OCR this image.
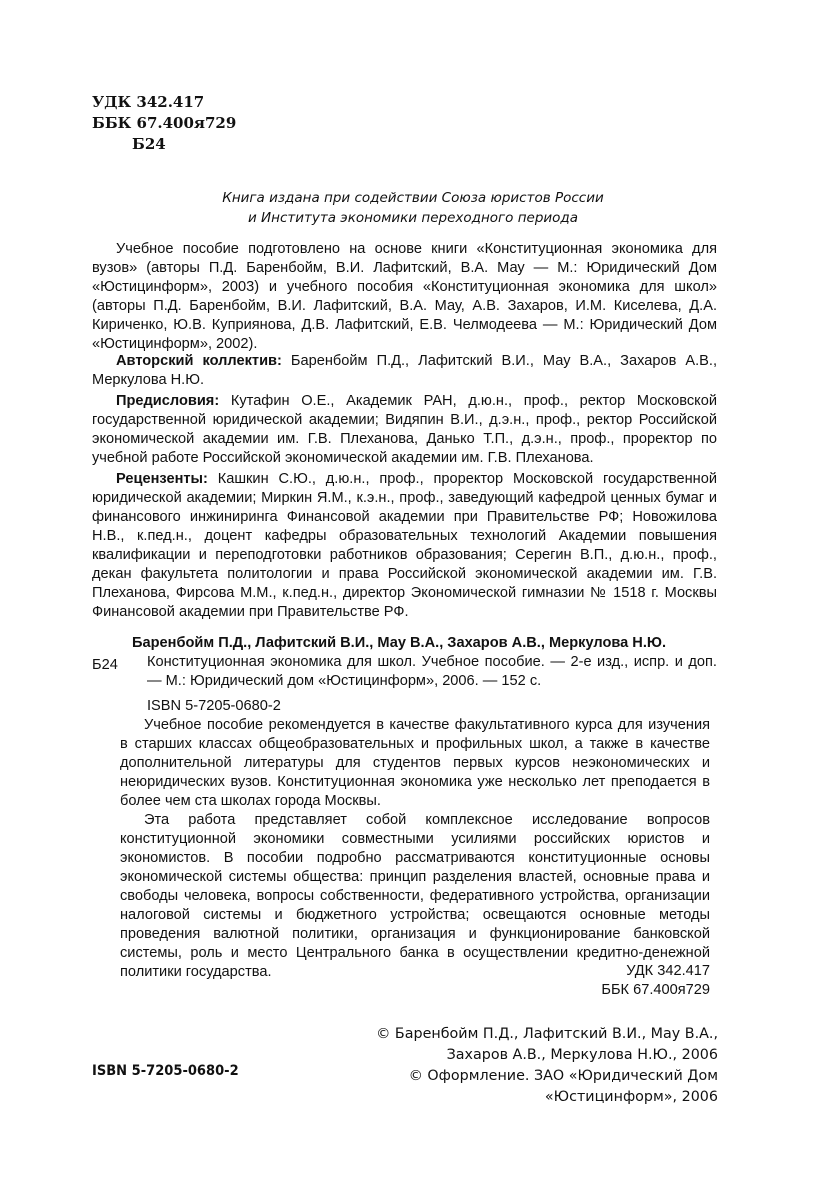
УДК 342.417
ББК 67.400я729
Б24
Книга издана при содействии Союза юристов России
и Института экономики переходного периода

Учебное пособие подготовлено на основе книги «Конституционная экономика для вузов» (авторы П.Д. Баренбойм, В.И. Лафитский, В.А. Мау — М.: Юридический Дом «Юстицинформ», 2003) и учебного пособия «Конституционная экономика для школ» (авторы П.Д. Баренбойм, В.И. Лафитский, В.А. Мау, А.В. Захаров, И.М. Киселева, Д.А. Кириченко, Ю.В. Куприянова, Д.В. Лафитский, Е.В. Челмодеева — М.: Юридический Дом «Юстицинформ», 2002).

Авторский коллектив: Баренбойм П.Д., Лафитский В.И., Мау В.А., Захаров А.В., Меркулова Н.Ю.

Предисловия: Кутафин О.Е., Академик РАН, д.ю.н., проф., ректор Московской государственной юридической академии; Видяпин В.И., д.э.н., проф., ректор Российской экономической академии им. Г.В. Плеханова, Данько Т.П., д.э.н., проф., проректор по учебной работе Российской экономической академии им. Г.В. Плеханова.

Рецензенты: Кашкин С.Ю., д.ю.н., проф., проректор Московской государственной юридической академии; Миркин Я.М., к.э.н., проф., заведующий кафедрой ценных бумаг и финансового инжиниринга Финансовой академии при Правительстве РФ; Новожилова Н.В., к.пед.н., доцент кафедры образовательных технологий Академии повышения квалификации и переподготовки работников образования; Серегин В.П., д.ю.н., проф., декан факультета политологии и права Российской экономической академии им. Г.В. Плеханова, Фирсова М.М., к.пед.н., директор Экономической гимназии № 1518 г. Москвы Финансовой академии при Правительстве РФ.

Баренбойм П.Д., Лафитский В.И., Мау В.А., Захаров А.В., Меркулова Н.Ю.
Б24	Конституционная экономика для школ. Учебное пособие. — 2-е изд., испр. и доп. — М.: Юридический дом «Юстицинформ», 2006. — 152 с.
ISBN 5-7205-0680-2

Учебное пособие рекомендуется в качестве факультативного курса для изучения в старших классах общеобразовательных и профильных школ, а также в качестве дополнительной литературы для студентов первых курсов неэкономических и неюридических вузов. Конституционная экономика уже несколько лет преподается в более чем ста школах города Москвы.

Эта работа представляет собой комплексное исследование вопросов конституционной экономики совместными усилиями российских юристов и экономистов. В пособии подробно рассматриваются конституционные основы экономической системы общества: принцип разделения властей, основные права и свободы человека, вопросы собственности, федеративного устройства, организации налоговой системы и бюджетного устройства; освещаются основные методы проведения валютной политики, организация и функционирование банковской системы, роль и место Центрального банка в осуществлении кредитно-денежной политики государства.	УДК 342.417
ББК 67.400я729
ISBN 5-7205-0680-2
© Баренбойм П.Д., Лафитский В.И., Мау В.А.,
Захаров А.В., Меркулова Н.Ю., 2006
© Оформление. ЗАО «Юридический Дом «Юстицинформ», 2006
